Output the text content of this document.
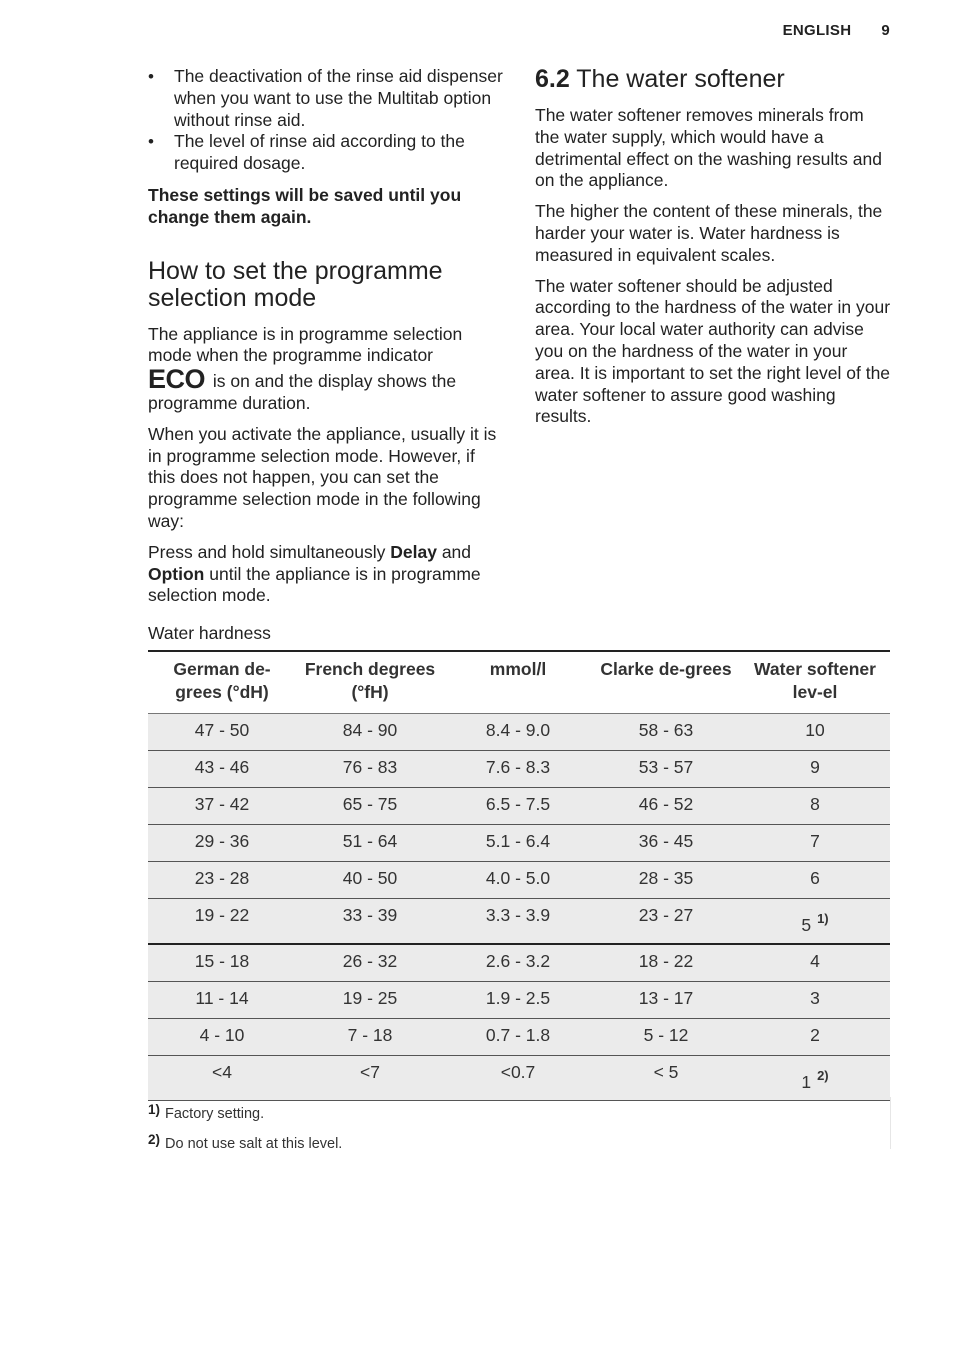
ENGLISH 9
• The deactivation of the rinse aid dispenser when you want to use the Multitab option without rinse aid.
• The level of rinse aid according to the required dosage.

These settings will be saved until you change them again.

How to set the programme selection mode

The appliance is in programme selection mode when the programme indicator
ECO is on and the display shows the programme duration.

When you activate the appliance, usually it is in programme selection mode. However, if this does not happen, you can set the programme selection mode in the following way:

Press and hold simultaneously Delay and Option until the appliance is in programme selection mode.

6.2 The water softener

The water softener removes minerals from the water supply, which would have a detrimental effect on the washing results and on the appliance.

The higher the content of these minerals, the harder your water is. Water hardness is measured in equivalent scales.

The water softener should be adjusted according to the hardness of the water in your area. Your local water authority can advise you on the hardness of the water in your area. It is important to set the right level of the water softener to assure good washing results.

Water hardness
German de-grees (°dH)	French degrees (°fH)	mmol/l	Clarke de-grees	Water softener lev-el
47 - 50	84 - 90	8.4 - 9.0	58 - 63	10
43 - 46	76 - 83	7.6 - 8.3	53 - 57	9
37 - 42	65 - 75	6.5 - 7.5	46 - 52	8
29 - 36	51 - 64	5.1 - 6.4	36 - 45	7
23 - 28	40 - 50	4.0 - 5.0	28 - 35	6
19 - 22	33 - 39	3.3 - 3.9	23 - 27	5 $^{1)}$
15 - 18	26 - 32	2.6 - 3.2	18 - 22	4
11 - 14	19 - 25	1.9 - 2.5	13 - 17	3
4 - 10	7 - 18	0.7 - 1.8	5 - 12	2
<4	<7	<0.7	< 5	1 $^{2)}$
1) Factory setting.
2) Do not use salt at this level.
